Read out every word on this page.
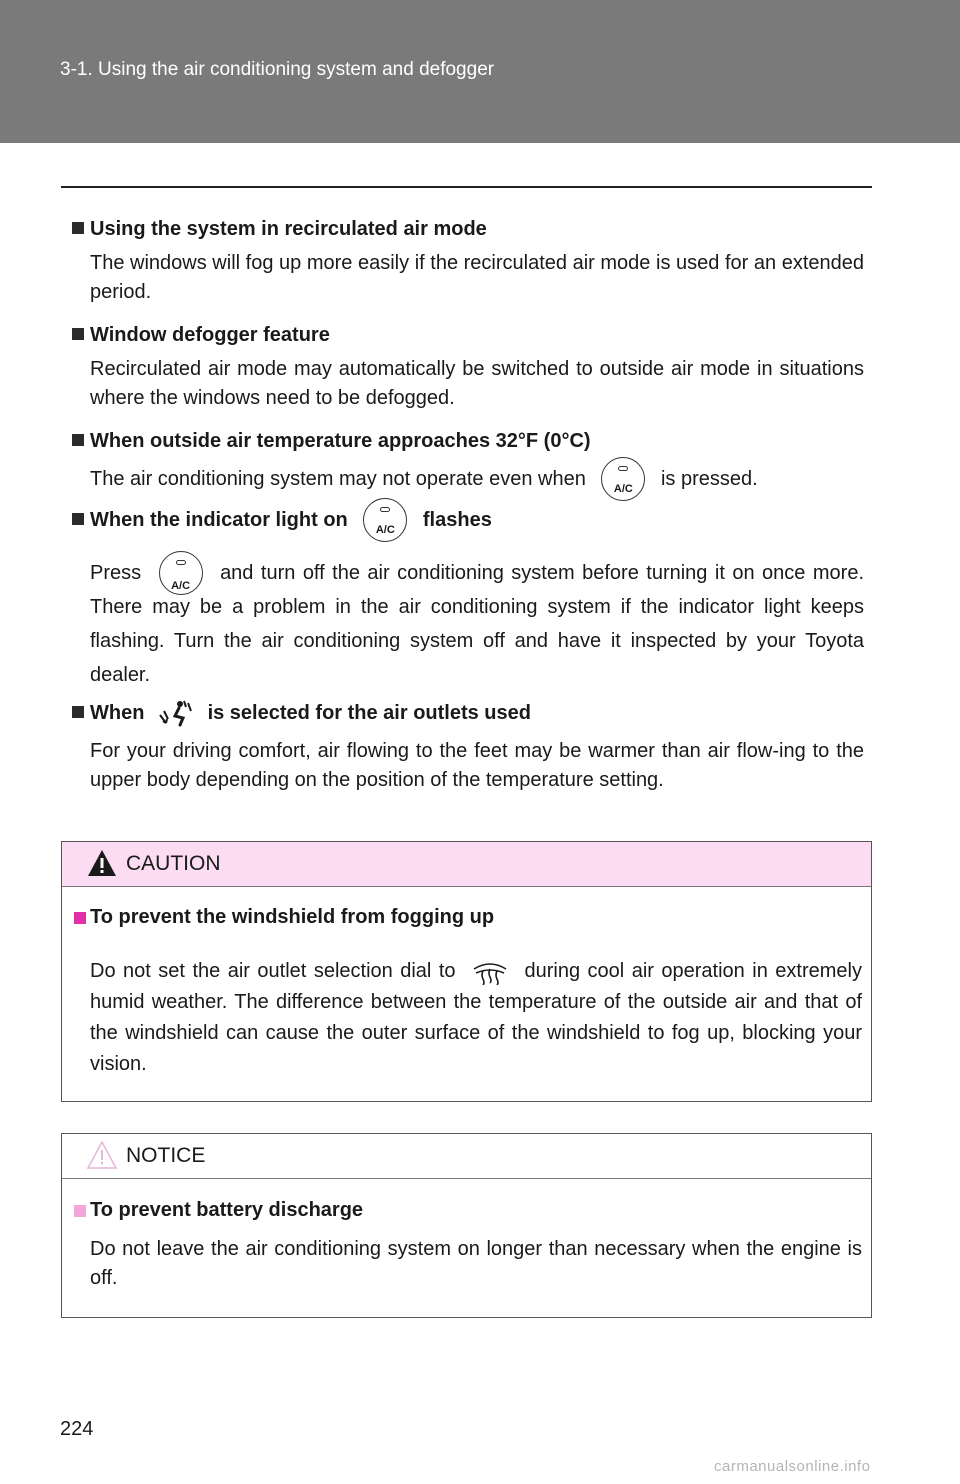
3-1. Using the air conditioning system and defogger
Using the system in recirculated air mode
The windows will fog up more easily if the recirculated air mode is used for an extended period.
Window defogger feature
Recirculated air mode may automatically be switched to outside air mode in situations where the windows need to be defogged.
When outside air temperature approaches 32°F (0°C)
The air conditioning system may not operate even when	A/C	is pressed.
When the indicator light on	A/C	flashes
Press
A/C
and turn off the air conditioning system before turning it on once more. There may be a problem in the air conditioning system if the indicator light keeps flashing. Turn the air conditioning system off and have it inspected by your Toyota dealer.
When	is selected for the air outlets used
For your driving comfort, air flowing to the feet may be warmer than air flow-ing to the upper body depending on the position of the temperature setting.
CAUTION
To prevent the windshield from fogging up
Do not set the air outlet selection dial to	during cool air operation in extremely humid weather. The difference between the temperature of the outside air and that of the windshield can cause the outer surface of the windshield to fog up, blocking your vision.
NOTICE
To prevent battery discharge
Do not leave the air conditioning system on longer than necessary when the engine is off.
224
carmanualsonline.info
